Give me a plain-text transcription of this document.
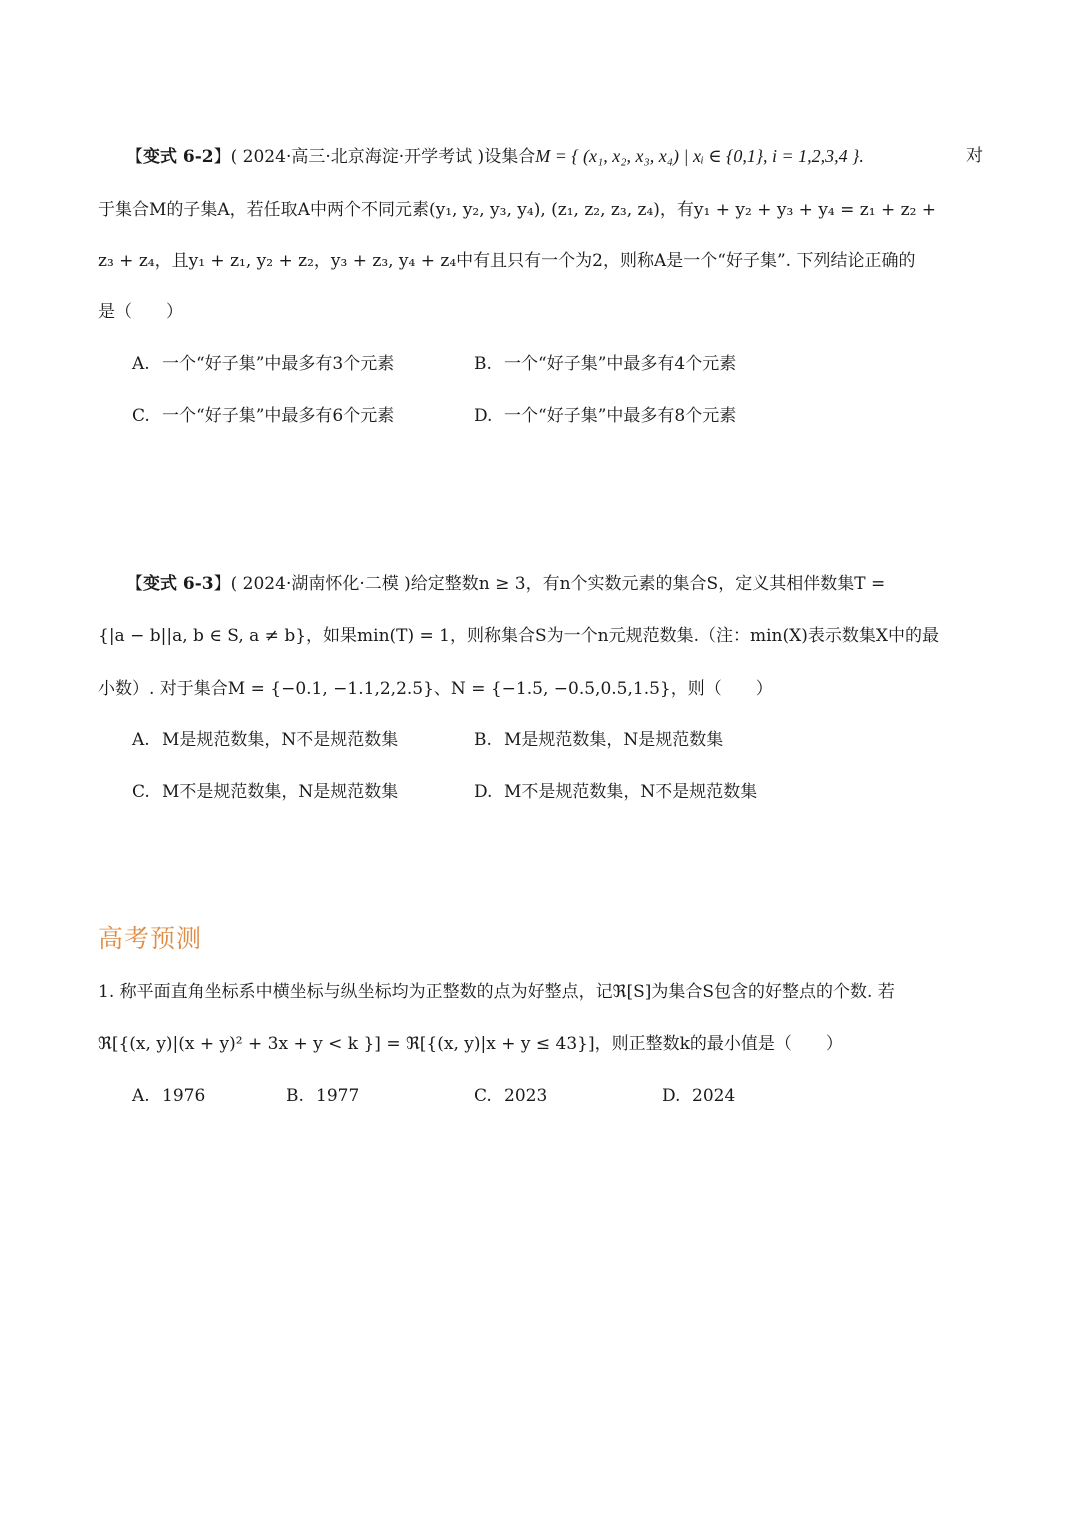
【变式 6-2】( 2024·高三·北京海淀·开学考试 )设集合M = { (x₁, x₂, x₃, x₄) | xᵢ ∈ {0,1}, i = 1,2,3,4 }.	对
于集合M的子集A，若任取A中两个不同元素(y₁, y₂, y₃, y₄), (z₁, z₂, z₃, z₄)，有y₁ + y₂ + y₃ + y₄ = z₁ + z₂ +
z₃ + z₄，且y₁ + z₁, y₂ + z₂，y₃ + z₃, y₄ + z₄中有且只有一个为2，则称A是一个“好子集”. 下列结论正确的
是（　　）
A. 一个“好子集”中最多有3个元素	B. 一个“好子集”中最多有4个元素
C. 一个“好子集”中最多有6个元素	D. 一个“好子集”中最多有8个元素
【变式 6-3】( 2024·湖南怀化·二模 )给定整数n ≥ 3，有n个实数元素的集合S，定义其相伴数集T =
{|a − b||a, b ∈ S, a ≠ b}，如果min(T) = 1，则称集合S为一个n元规范数集.（注：min(X)表示数集X中的最
小数）. 对于集合M = {−0.1, −1.1,2,2.5}、N = {−1.5, −0.5,0.5,1.5}，则（　　）
A. M是规范数集，N不是规范数集	B. M是规范数集，N是规范数集
C. M不是规范数集，N是规范数集	D. M不是规范数集，N不是规范数集
高考预测
1. 称平面直角坐标系中横坐标与纵坐标均为正整数的点为好整点，记ℜ[S]为集合S包含的好整点的个数. 若
ℜ[{(x, y)|(x + y)² + 3x + y < k }] = ℜ[{(x, y)|x + y ≤ 43}]，则正整数k的最小值是（　　）
A. 1976	B. 1977	C. 2023	D. 2024
